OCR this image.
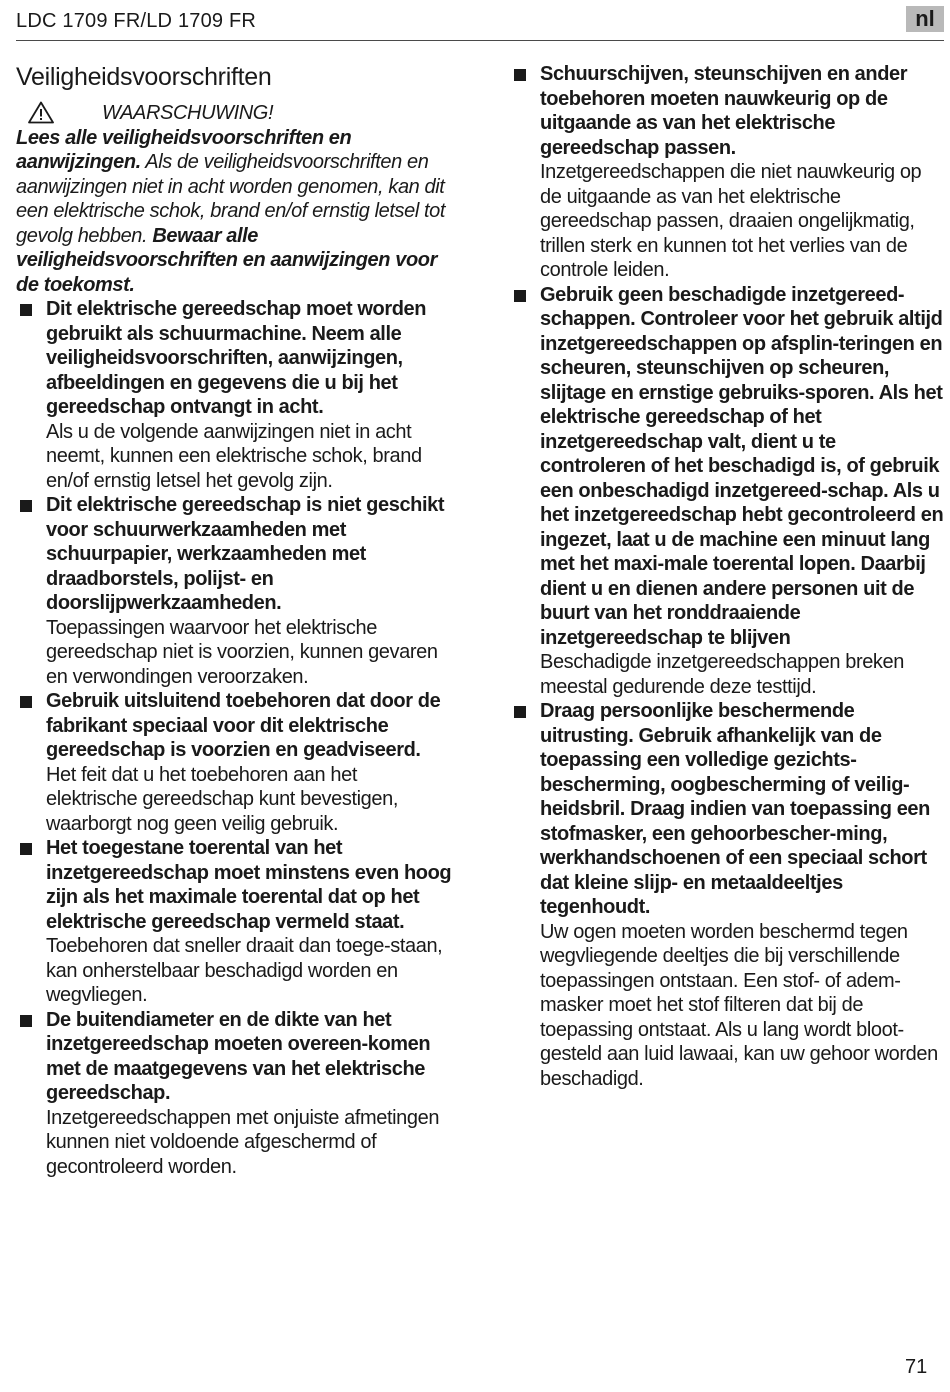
LDC 1709 FR/LD 1709 FR	nl
Veiligheidsvoorschriften
WAARSCHUWING!

Lees alle veiligheidsvoorschriften en aanwijzingen. Als de veiligheidsvoorschriften en aanwijzingen niet in acht worden genomen, kan dit een elektrische schok, brand en/of ernstig letsel tot gevolg hebben. Bewaar alle veiligheidsvoorschriften en aanwijzingen voor de toekomst.

Dit elektrische gereedschap moet worden gebruikt als schuurmachine. Neem alle veiligheidsvoorschriften, aanwijzingen, afbeeldingen en gegevens die u bij het gereedschap ontvangt in acht.
Als u de volgende aanwijzingen niet in acht neemt, kunnen een elektrische schok, brand en/of ernstig letsel het gevolg zijn.
Dit elektrische gereedschap is niet geschikt voor schuurwerkzaamheden met schuurpapier, werkzaamheden met draadborstels, polijst- en doorslijpwerkzaamheden.
Toepassingen waarvoor het elektrische gereedschap niet is voorzien, kunnen gevaren en verwondingen veroorzaken.
Gebruik uitsluitend toebehoren dat door de fabrikant speciaal voor dit elektrische gereedschap is voorzien en geadviseerd.
Het feit dat u het toebehoren aan het elektrische gereedschap kunt bevestigen, waarborgt nog geen veilig gebruik.
Het toegestane toerental van het inzetgereedschap moet minstens even hoog zijn als het maximale toerental dat op het elektrische gereedschap vermeld staat.
Toebehoren dat sneller draait dan toege-staan, kan onherstelbaar beschadigd worden en wegvliegen.
De buitendiameter en de dikte van het inzetgereedschap moeten overeen-komen met de maatgegevens van het elektrische gereedschap.
Inzetgereedschappen met onjuiste afmetingen kunnen niet voldoende afgeschermd of gecontroleerd worden.
Schuurschijven, steunschijven en ander toebehoren moeten nauwkeurig op de uitgaande as van het elektrische gereedschap passen.
Inzetgereedschappen die niet nauwkeurig op de uitgaande as van het elektrische gereedschap passen, draaien ongelijkmatig, trillen sterk en kunnen tot het verlies van de controle leiden.
Gebruik geen beschadigde inzetgereed-schappen. Controleer voor het gebruik altijd inzetgereedschappen op afsplin-teringen en scheuren, steunschijven op scheuren, slijtage en ernstige gebruiks-sporen. Als het elektrische gereedschap of het inzetgereedschap valt, dient u te controleren of het beschadigd is, of gebruik een onbeschadigd inzetgereed-schap. Als u het inzetgereedschap hebt gecontroleerd en ingezet, laat u de machine een minuut lang met het maxi-male toerental lopen. Daarbij dient u en dienen andere personen uit de buurt van het ronddraaiende inzetgereedschap te blijven
Beschadigde inzetgereedschappen breken meestal gedurende deze testtijd.
Draag persoonlijke beschermende uitrusting. Gebruik afhankelijk van de toepassing een volledige gezichts-bescherming, oogbescherming of veilig-heidsbril. Draag indien van toepassing een stofmasker, een gehoorbescher-ming, werkhandschoenen of een speciaal schort dat kleine slijp- en metaaldeeltjes tegenhoudt.
Uw ogen moeten worden beschermd tegen wegvliegende deeltjes die bij verschillende toepassingen ontstaan. Een stof- of adem-masker moet het stof filteren dat bij de toepassing ontstaat. Als u lang wordt bloot-gesteld aan luid lawaai, kan uw gehoor worden beschadigd.
71
